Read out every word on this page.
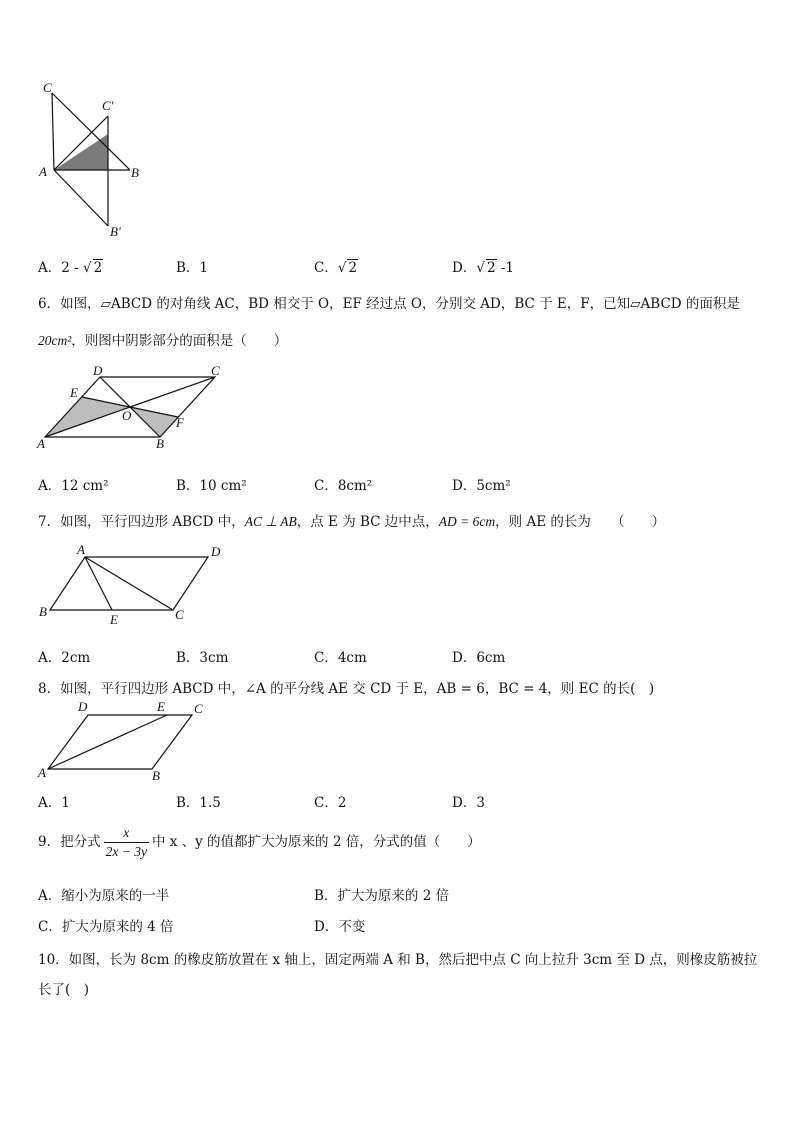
C
C′
A	B
B′
A．2 - √ 2	B．1	C．√ 2	D．√ 2 -1
6．如图，▱ABCD 的对角线 AC，BD 相交于 O，EF 经过点 O，分别交 AD，BC 于 E，F，已知▱ABCD 的面积是
20cm²，则图中阴影部分的面积是（　　）
D	C
E
O	F
A	B
A．12 cm²	B．10 cm²	C．8cm²	D．5cm²
7．如图，平行四边形 ABCD 中，AC ⊥ AB，点 E 为 BC 边中点，AD = 6cm，则 AE 的长为　　（　　）
A	D
B
E	C
A．2cm	B．3cm	C．4cm	D．6cm
8．如图，平行四边形 ABCD 中，∠A 的平分线 AE 交 CD 于 E，AB = 6，BC = 4，则 EC 的长(　)
D	E C
A	B
A．1	B．1.5	C．2	D．3
9．把分式 $\frac{x}{2x - 3y}$ 中 x 、y 的值都扩大为原来的 2 倍，分式的值（　　）
A．缩小为原来的一半	B．扩大为原来的 2 倍
C．扩大为原来的 4 倍	D．不变
10．如图，长为 8cm 的橡皮筋放置在 x 轴上，固定两端 A 和 B，然后把中点 C 向上拉升 3cm 至 D 点，则橡皮筋被拉
长了(　)
